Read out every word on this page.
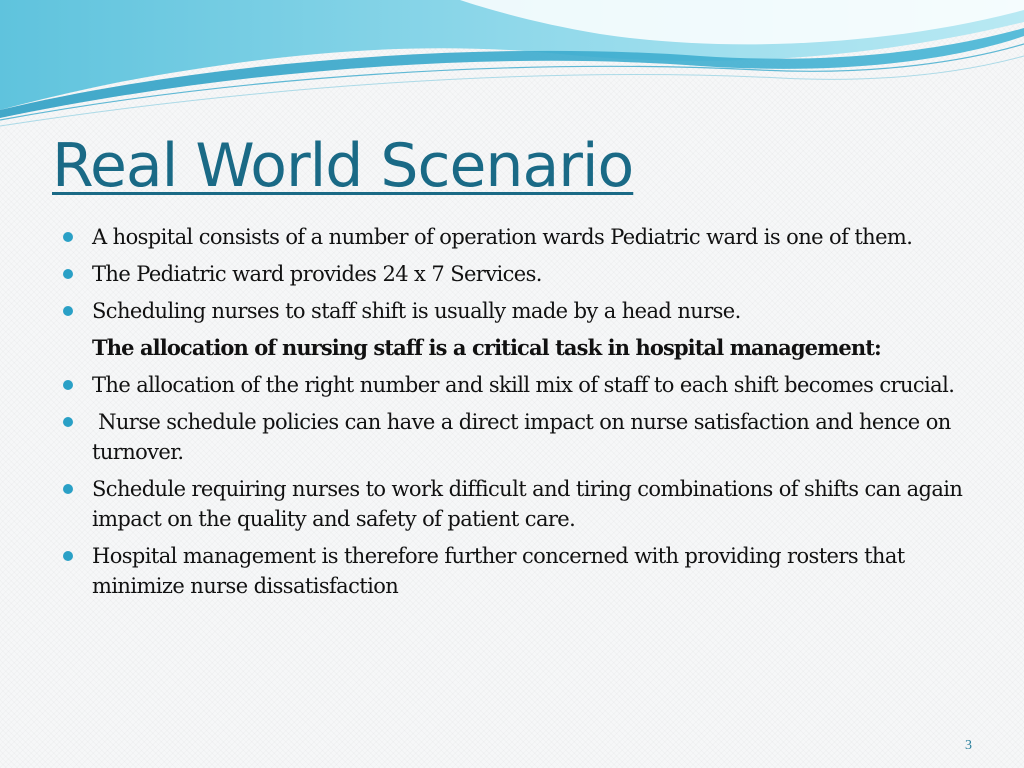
Real World Scenario
A hospital consists of a number of operation wards Pediatric ward is one of them.
The Pediatric ward provides 24 x 7 Services.
Scheduling nurses to staff shift is usually made by a head nurse.
The allocation of nursing staff is a critical task in hospital management:
The allocation of the right number and skill mix of staff to each shift becomes crucial.
Nurse schedule policies can have a direct impact on nurse satisfaction and hence on turnover.
Schedule requiring nurses to work difficult and tiring combinations of shifts can again impact on the quality and safety of patient care.
Hospital management is therefore further concerned with providing rosters that minimize nurse dissatisfaction
3
